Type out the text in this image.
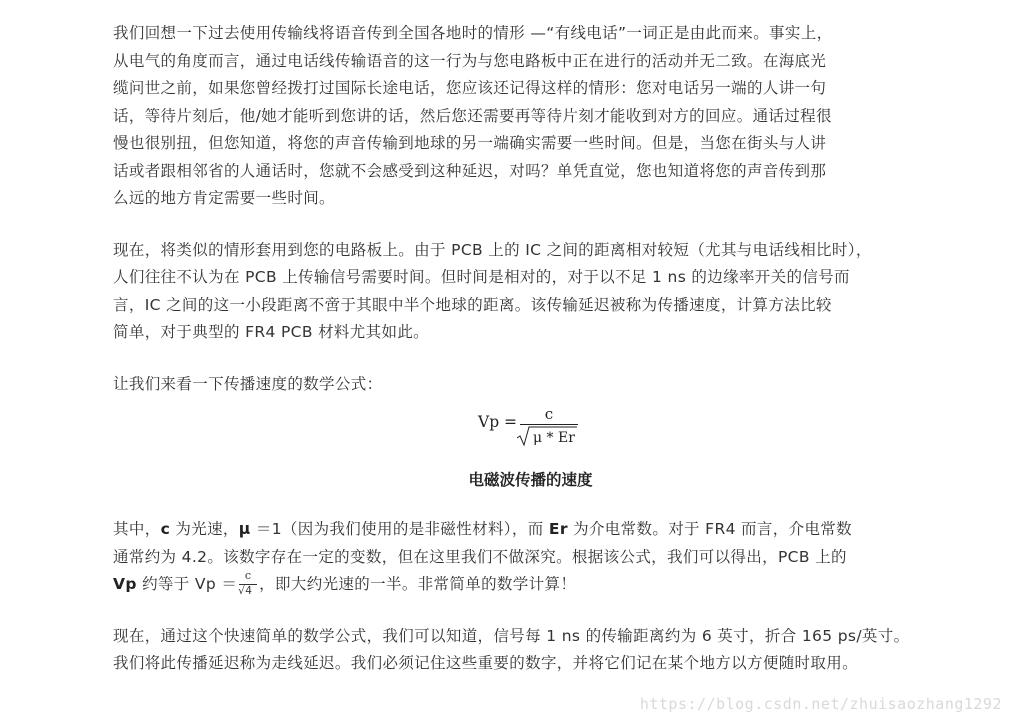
我们回想一下过去使用传输线将语音传到全国各地时的情形 —“有线电话”一词正是由此而来。事实上，
从电气的角度而言，通过电话线传输语音的这一行为与您电路板中正在进行的活动并无二致。在海底光
缆问世之前，如果您曾经拨打过国际长途电话，您应该还记得这样的情形：您对电话另一端的人讲一句
话，等待片刻后，他/她才能听到您讲的话，然后您还需要再等待片刻才能收到对方的回应。通话过程很
慢也很别扭，但您知道，将您的声音传输到地球的另一端确实需要一些时间。但是，当您在街头与人讲
话或者跟相邻省的人通话时，您就不会感受到这种延迟，对吗？单凭直觉，您也知道将您的声音传到那
么远的地方肯定需要一些时间。
现在，将类似的情形套用到您的电路板上。由于 PCB 上的 IC 之间的距离相对较短（尤其与电话线相比时），
人们往往不认为在 PCB 上传输信号需要时间。但时间是相对的，对于以不足 1 ns 的边缘率开关的信号而
言，IC 之间的这一小段距离不啻于其眼中半个地球的距离。该传输延迟被称为传播速度，计算方法比较
简单，对于典型的 FR4 PCB 材料尤其如此。
让我们来看一下传播速度的数学公式：
Vp =	c
μ * Er
电磁波传播的速度
其中，c 为光速，μ ＝1（因为我们使用的是非磁性材料），而 Er 为介电常数。对于 FR4 而言，介电常数
通常约为 4.2。该数字存在一定的变数，但在这里我们不做深究。根据该公式，我们可以得出，PCB 上的
Vp 约等于 $Vp = \frac{c}{√4}$ ，即大约光速的一半。非常简单的数学计算！
现在，通过这个快速简单的数学公式，我们可以知道，信号每 1 ns 的传输距离约为 6 英寸，折合 165 ps/英寸。
我们将此传播延迟称为走线延迟。我们必须记住这些重要的数字，并将它们记在某个地方以方便随时取用。
https://blog.csdn.net/zhuisaozhang1292
